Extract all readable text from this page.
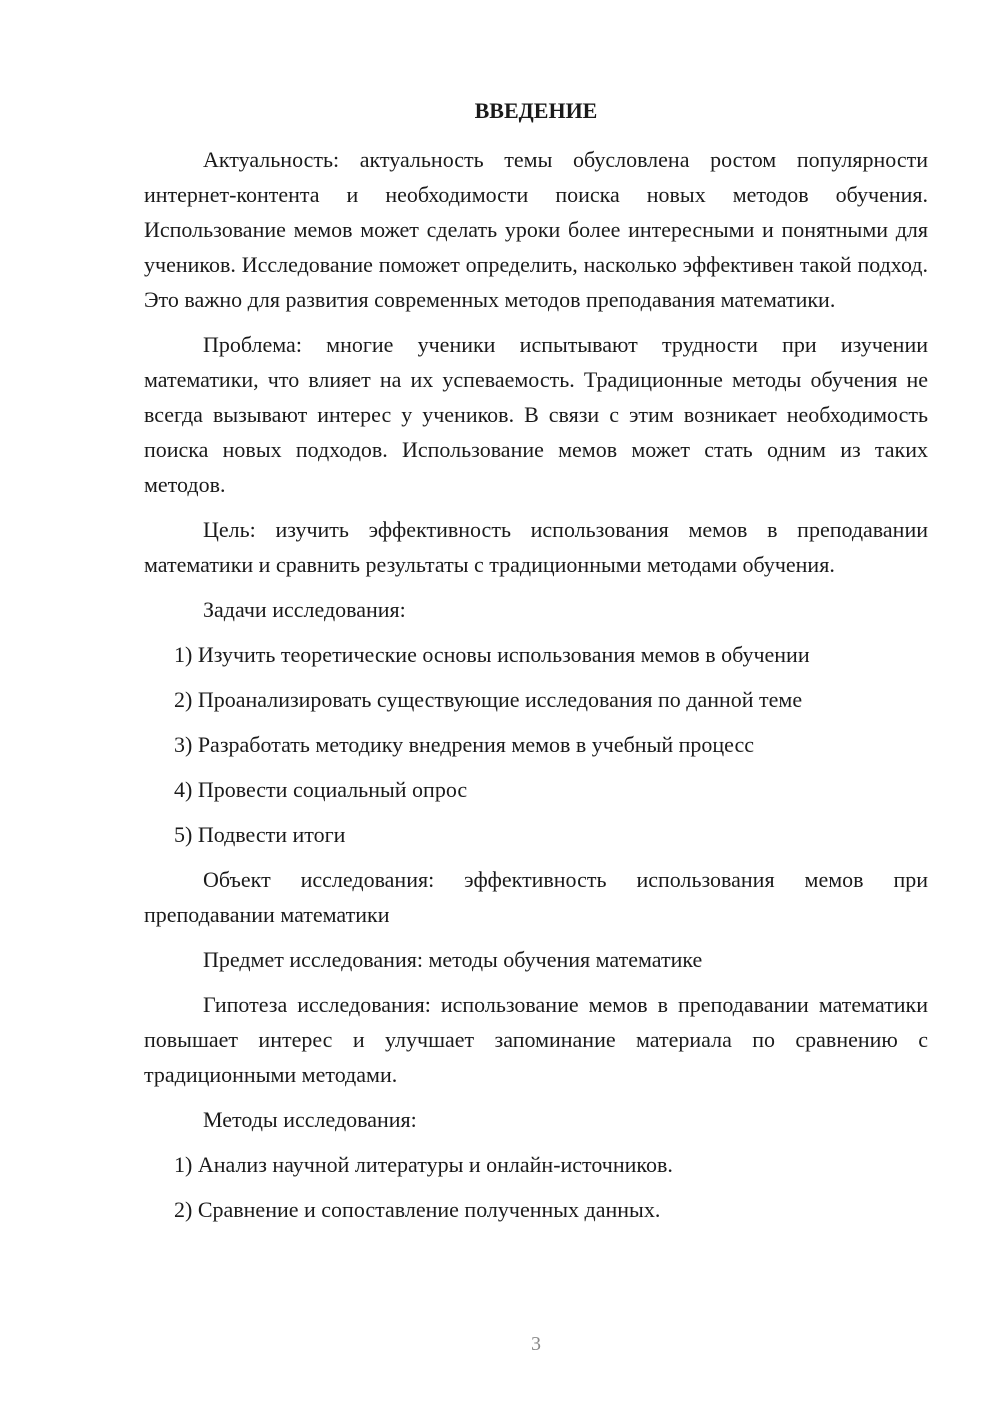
ВВЕДЕНИЕ

Актуальность: актуальность темы обусловлена ростом популярности интернет-контента и необходимости поиска новых методов обучения. Использование мемов может сделать уроки более интересными и понятными для учеников. Исследование поможет определить, насколько эффективен такой подход. Это важно для развития современных методов преподавания математики.

Проблема: многие ученики испытывают трудности при изучении математики, что влияет на их успеваемость. Традиционные методы обучения не всегда вызывают интерес у учеников. В связи с этим возникает необходимость поиска новых подходов. Использование мемов может стать одним из таких методов.

Цель: изучить эффективность использования мемов в преподавании математики и сравнить результаты с традиционными методами обучения.

Задачи исследования:

1) Изучить теоретические основы использования мемов в обучении

2) Проанализировать существующие исследования по данной теме

3) Разработать методику внедрения мемов в учебный процесс

4) Провести социальный опрос

5) Подвести итоги

Объект исследования: эффективность использования мемов при преподавании математики

Предмет исследования: методы обучения математике

Гипотеза исследования: использование мемов в преподавании математики повышает интерес и улучшает запоминание материала по сравнению с традиционными методами.

Методы исследования:

1) Анализ научной литературы и онлайн-источников.

2) Сравнение и сопоставление полученных данных.

3
